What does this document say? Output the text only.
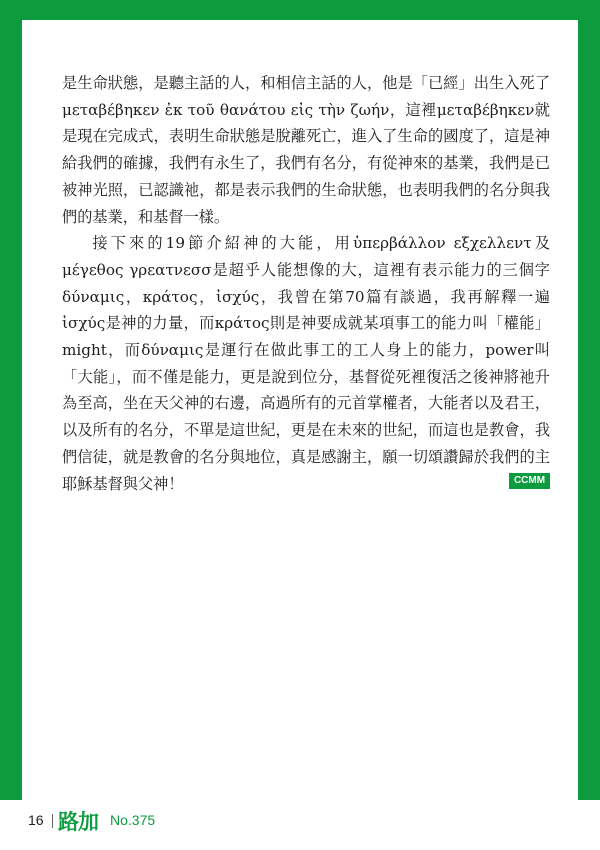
是生命狀態，是聽主話的人，和相信主話的人，他是「已經」出生入死了μεταβέβηκεν ἐκ τοῦ θανάτου εἰς τὴν ζωήν，這裡μεταβέβηκεν就是現在完成式，表明生命狀態是脫離死亡，進入了生命的國度了，這是神給我們的確據，我們有永生了，我們有名分，有從神來的基業，我們是已被神光照，已認識祂，都是表示我們的生命狀態，也表明我們的名分與我們的基業，和基督一樣。

接下來的19節介紹神的大能，用ὑπερβάλλον εξχελλεντ及μέγεθος γρεατνεσσ是超乎人能想像的大，這裡有表示能力的三個字δύναμις，κράτος，ἰσχύς，我曾在第70篇有談過，我再解釋一遍ἰσχύς是神的力量，而κράτος則是神要成就某項事工的能力叫「權能」might，而δύναμις是運行在做此事工的工人身上的能力，power叫「大能」，而不僅是能力，更是說到位分，基督從死裡復活之後神將祂升為至高，坐在天父神的右邊，高過所有的元首掌權者，大能者以及君王，以及所有的名分，不單是這世紀，更是在未來的世紀，而這也是教會，我們信徒，就是教會的名分與地位，真是感謝主，願一切頌讚歸於我們的主耶穌基督與父神！	CCMM
16 路加 No.375
